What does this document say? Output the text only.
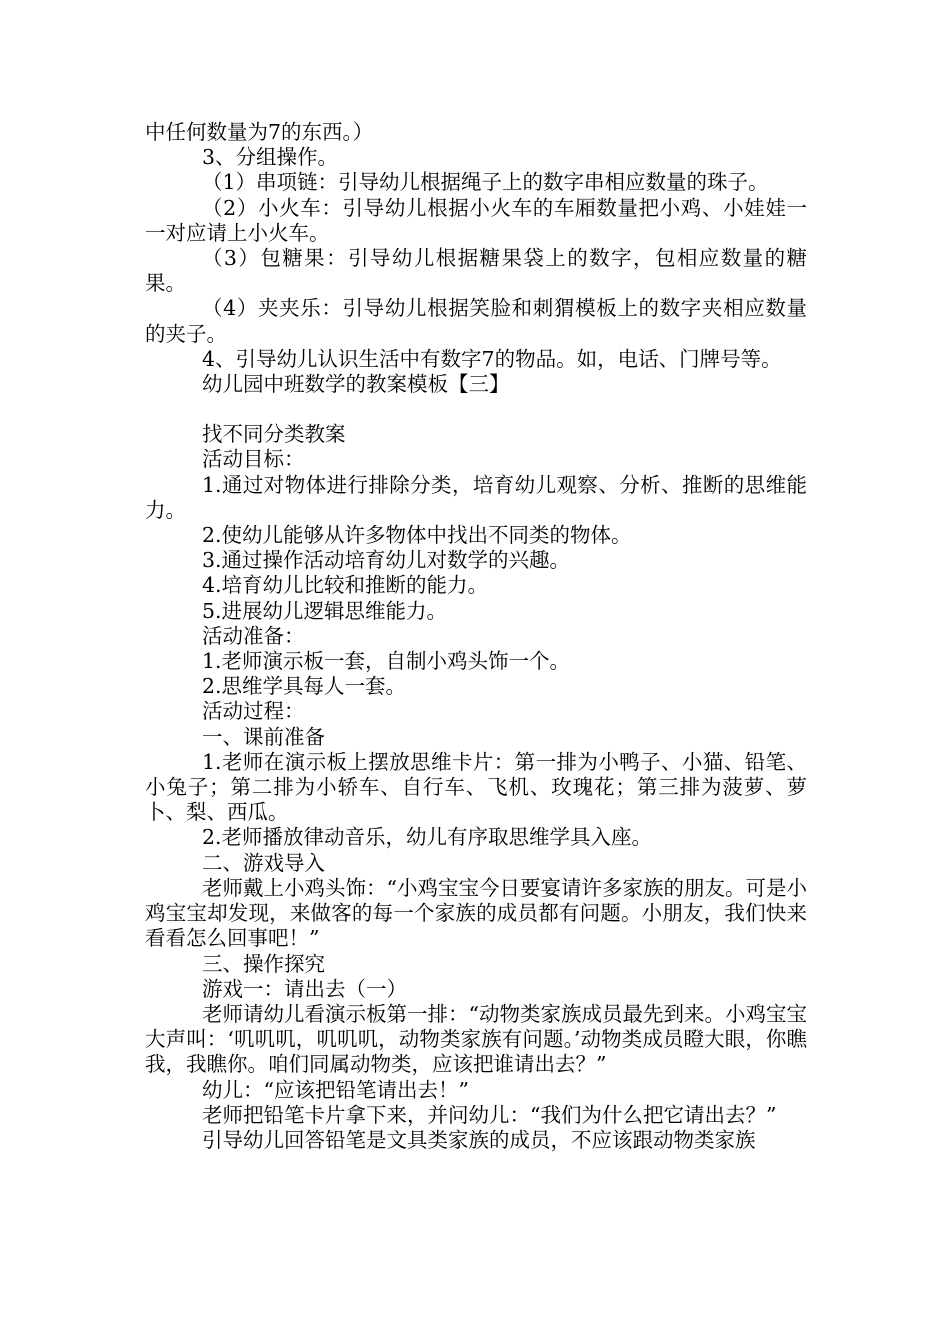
中任何数量为7的东西。）

3、分组操作。

（1）串项链：引导幼儿根据绳子上的数字串相应数量的珠子。

（2）小火车：引导幼儿根据小火车的车厢数量把小鸡、小娃娃一一对应请上小火车。

（3）包糖果：引导幼儿根据糖果袋上的数字，包相应数量的糖果。

（4）夹夹乐：引导幼儿根据笑脸和刺猬模板上的数字夹相应数量的夹子。

4、引导幼儿认识生活中有数字7的物品。如，电话、门牌号等。

幼儿园中班数学的教案模板【三】

找不同分类教案

活动目标：

1.通过对物体进行排除分类，培育幼儿观察、分析、推断的思维能力。

2.使幼儿能够从许多物体中找出不同类的物体。

3.通过操作活动培育幼儿对数学的兴趣。

4.培育幼儿比较和推断的能力。

5.进展幼儿逻辑思维能力。

活动准备：

1.老师演示板一套，自制小鸡头饰一个。

2.思维学具每人一套。

活动过程：

一、课前准备

1.老师在演示板上摆放思维卡片：第一排为小鸭子、小猫、铅笔、小兔子；第二排为小轿车、自行车、飞机、玫瑰花；第三排为菠萝、萝卜、梨、西瓜。

2.老师播放律动音乐，幼儿有序取思维学具入座。

二、游戏导入

老师戴上小鸡头饰：“小鸡宝宝今日要宴请许多家族的朋友。可是小鸡宝宝却发现，来做客的每一个家族的成员都有问题。小朋友，我们快来看看怎么回事吧！”

三、操作探究

游戏一：请出去（一）

老师请幼儿看演示板第一排：“动物类家族成员最先到来。小鸡宝宝大声叫：‘叽叽叽，叽叽叽，动物类家族有问题。’动物类成员瞪大眼，你瞧我，我瞧你。咱们同属动物类，应该把谁请出去？”

幼儿：“应该把铅笔请出去！”

老师把铅笔卡片拿下来，并问幼儿：“我们为什么把它请出去？”

引导幼儿回答铅笔是文具类家族的成员，不应该跟动物类家族
